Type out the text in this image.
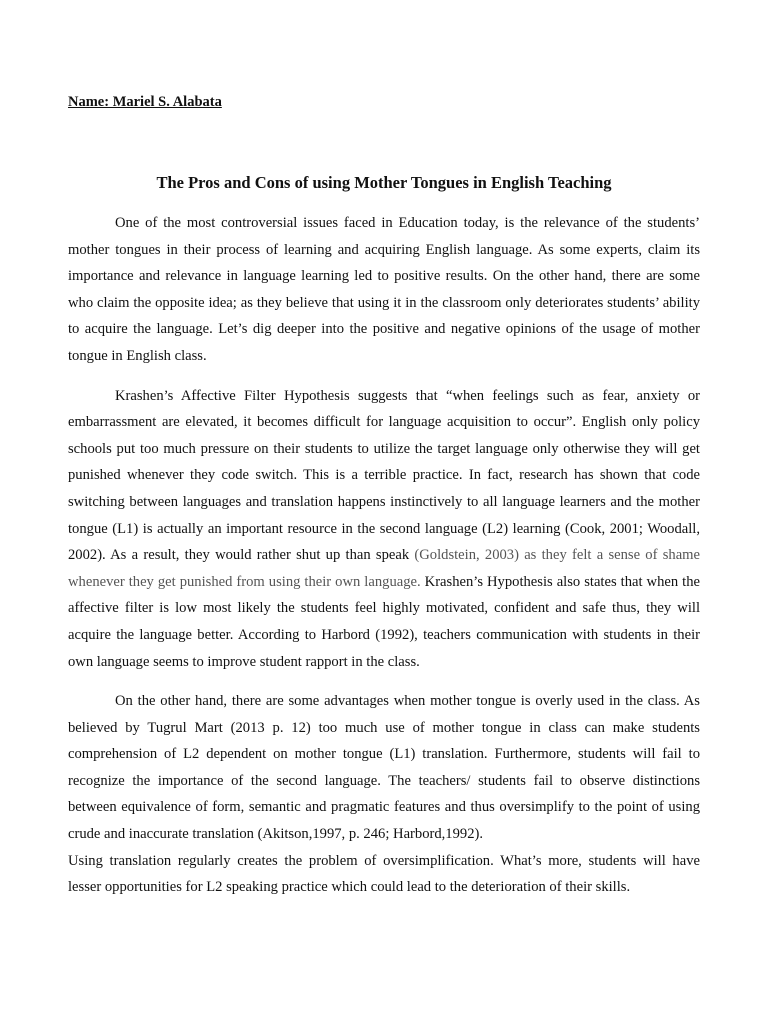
Name: Mariel S. Alabata
The Pros and Cons of using Mother Tongues in English Teaching

One of the most controversial issues faced in Education today, is the relevance of the students’ mother tongues in their process of learning and acquiring English language. As some experts, claim its importance and relevance in language learning led to positive results. On the other hand, there are some who claim the opposite idea; as they believe that using it in the classroom only deteriorates students’ ability to acquire the language. Let’s dig deeper into the positive and negative opinions of the usage of mother tongue in English class.

Krashen’s Affective Filter Hypothesis suggests that “when feelings such as fear, anxiety or embarrassment are elevated, it becomes difficult for language acquisition to occur”. English only policy schools put too much pressure on their students to utilize the target language only otherwise they will get punished whenever they code switch. This is a terrible practice. In fact, research has shown that code switching between languages and translation happens instinctively to all language learners and the mother tongue (L1) is actually an important resource in the second language (L2) learning (Cook, 2001; Woodall, 2002). As a result, they would rather shut up than speak (Goldstein, 2003) as they felt a sense of shame whenever they get punished from using their own language. Krashen’s Hypothesis also states that when the affective filter is low most likely the students feel highly motivated, confident and safe thus, they will acquire the language better. According to Harbord (1992), teachers communication with students in their own language seems to improve student rapport in the class.

On the other hand, there are some advantages when mother tongue is overly used in the class. As believed by Tugrul Mart (2013 p. 12) too much use of mother tongue in class can make students comprehension of L2 dependent on mother tongue (L1) translation. Furthermore, students will fail to recognize the importance of the second language. The teachers/ students fail to observe distinctions between equivalence of form, semantic and pragmatic features and thus oversimplify to the point of using crude and inaccurate translation (Akitson,1997, p. 246; Harbord,1992).

Using translation regularly creates the problem of oversimplification. What’s more, students will have lesser opportunities for L2 speaking practice which could lead to the deterioration of their skills.
